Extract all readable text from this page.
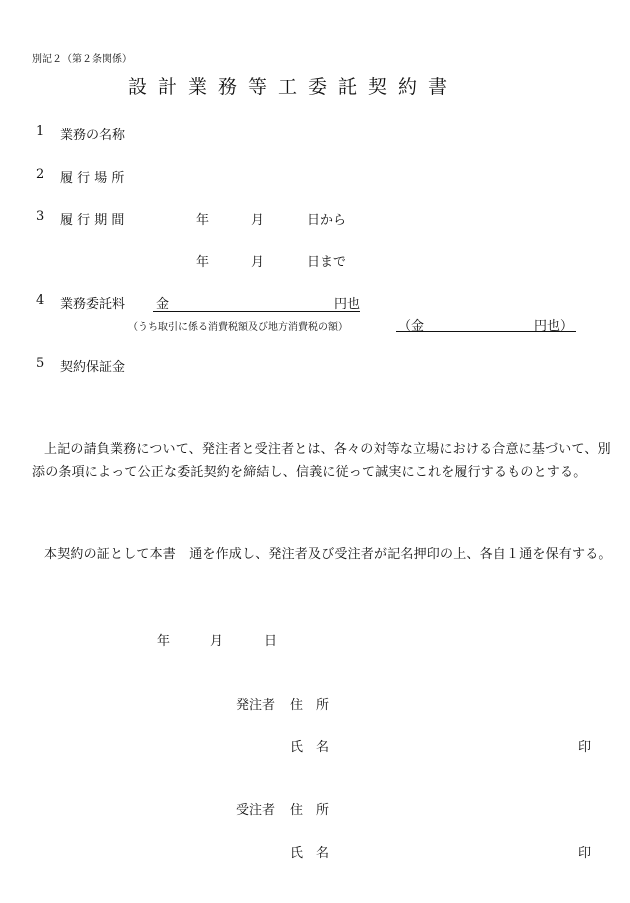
別記２（第２条関係）
設計業務等工委託契約書
1 業務の名称
2 履 行 場 所
3 履 行 期 間	年	月	日から
年	月	日まで
4 業務委託料 金	円也
（うち取引に係る消費税額及び地方消費税の額）	（金	円也）
5 契約保証金
上記の請負業務について、発注者と受注者とは、各々の対等な立場における合意に基づいて、別添の条項によって公正な委託契約を締結し、信義に従って誠実にこれを履行するものとする。
本契約の証として本書　通を作成し、発注者及び受注者が記名押印の上、各自１通を保有する。
年	月	日
発注者 住　所
氏　名	印
受注者 住　所
氏　名	印
